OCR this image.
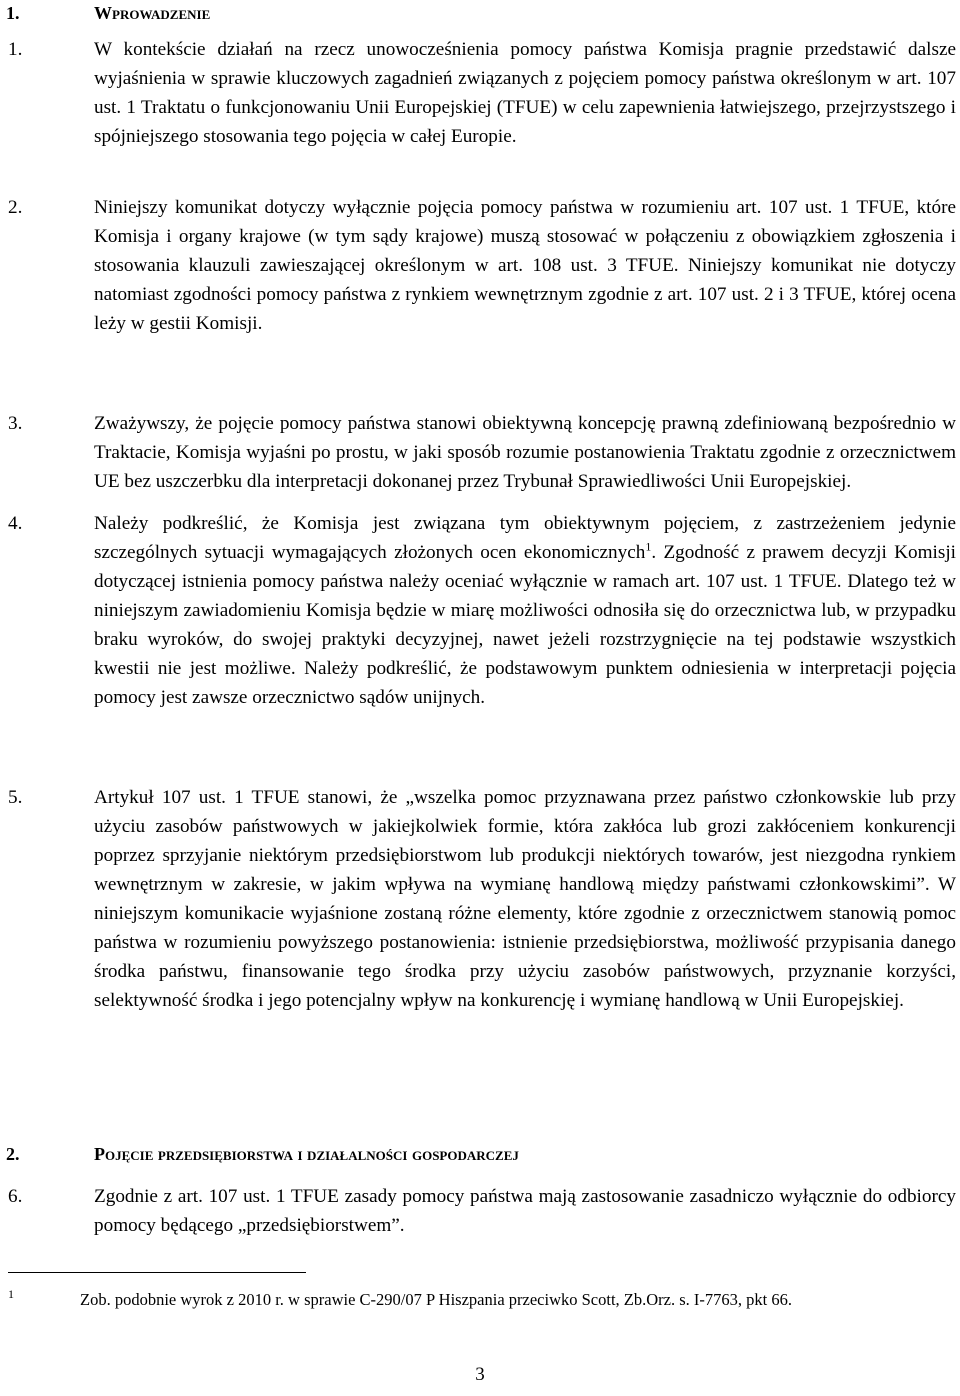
1.	Wprowadzenie
1.	W kontekście działań na rzecz unowocześnienia pomocy państwa Komisja pragnie przedstawić dalsze wyjaśnienia w sprawie kluczowych zagadnień związanych z pojęciem pomocy państwa określonym w art. 107 ust. 1 Traktatu o funkcjonowaniu Unii Europejskiej (TFUE) w celu zapewnienia łatwiejszego, przejrzystszego i spójniejszego stosowania tego pojęcia w całej Europie.
2.	Niniejszy komunikat dotyczy wyłącznie pojęcia pomocy państwa w rozumieniu art. 107 ust. 1 TFUE, które Komisja i organy krajowe (w tym sądy krajowe) muszą stosować w połączeniu z obowiązkiem zgłoszenia i stosowania klauzuli zawieszającej określonym w art. 108 ust. 3 TFUE. Niniejszy komunikat nie dotyczy natomiast zgodności pomocy państwa z rynkiem wewnętrznym zgodnie z art. 107 ust. 2 i 3 TFUE, której ocena leży w gestii Komisji.
3.	Zważywszy, że pojęcie pomocy państwa stanowi obiektywną koncepcję prawną zdefiniowaną bezpośrednio w Traktacie, Komisja wyjaśni po prostu, w jaki sposób rozumie postanowienia Traktatu zgodnie z orzecznictwem UE bez uszczerbku dla interpretacji dokonanej przez Trybunał Sprawiedliwości Unii Europejskiej.
4.	Należy podkreślić, że Komisja jest związana tym obiektywnym pojęciem, z zastrzeżeniem jedynie szczególnych sytuacji wymagających złożonych ocen ekonomicznych$^1$. Zgodność z prawem decyzji Komisji dotyczącej istnienia pomocy państwa należy oceniać wyłącznie w ramach art. 107 ust. 1 TFUE. Dlatego też w niniejszym zawiadomieniu Komisja będzie w miarę możliwości odnosiła się do orzecznictwa lub, w przypadku braku wyroków, do swojej praktyki decyzyjnej, nawet jeżeli rozstrzygnięcie na tej podstawie wszystkich kwestii nie jest możliwe. Należy podkreślić, że podstawowym punktem odniesienia w interpretacji pojęcia pomocy jest zawsze orzecznictwo sądów unijnych.
5.	Artykuł 107 ust. 1 TFUE stanowi, że „wszelka pomoc przyznawana przez państwo członkowskie lub przy użyciu zasobów państwowych w jakiejkolwiek formie, która zakłóca lub grozi zakłóceniem konkurencji poprzez sprzyjanie niektórym przedsiębiorstwom lub produkcji niektórych towarów, jest niezgodna rynkiem wewnętrznym w zakresie, w jakim wpływa na wymianę handlową między państwami członkowskimi”. W niniejszym komunikacie wyjaśnione zostaną różne elementy, które zgodnie z orzecznictwem stanowią pomoc państwa w rozumieniu powyższego postanowienia: istnienie przedsiębiorstwa, możliwość przypisania danego środka państwu, finansowanie tego środka przy użyciu zasobów państwowych, przyznanie korzyści, selektywność środka i jego potencjalny wpływ na konkurencję i wymianę handlową w Unii Europejskiej.
2.	Pojęcie przedsiębiorstwa i działalności gospodarczej
6.	Zgodnie z art. 107 ust. 1 TFUE zasady pomocy państwa mają zastosowanie zasadniczo wyłącznie do odbiorcy pomocy będącego „przedsiębiorstwem”.
1	Zob. podobnie wyrok z 2010 r. w sprawie C-290/07 P Hiszpania przeciwko Scott, Zb.Orz. s. I-7763, pkt 66.
3
